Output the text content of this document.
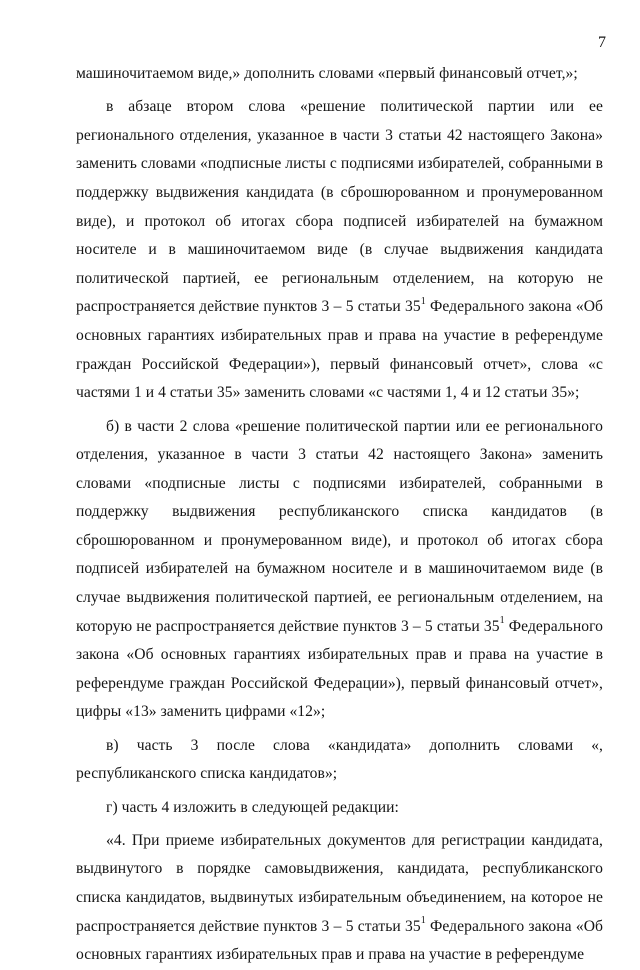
7

машиночитаемом виде,» дополнить словами «первый финансовый отчет,»;

в абзаце втором слова «решение политической партии или ее регионального отделения, указанное в части 3 статьи 42 настоящего Закона» заменить словами «подписные листы с подписями избирателей, собранными в поддержку выдвижения кандидата (в сброшюрованном и пронумерованном виде), и протокол об итогах сбора подписей избирателей на бумажном носителе и в машиночитаемом виде (в случае выдвижения кандидата политической партией, ее региональным отделением, на которую не распространяется действие пунктов 3 – 5 статьи $35^1$ Федерального закона «Об основных гарантиях избирательных прав и права на участие в референдуме граждан Российской Федерации»), первый финансовый отчет», слова «с частями 1 и 4 статьи 35» заменить словами «с частями 1, 4 и 12 статьи 35»;

б) в части 2 слова «решение политической партии или ее регионального отделения, указанное в части 3 статьи 42 настоящего Закона» заменить словами «подписные листы с подписями избирателей, собранными в поддержку выдвижения республиканского списка кандидатов (в сброшюрованном и пронумерованном виде), и протокол об итогах сбора подписей избирателей на бумажном носителе и в машиночитаемом виде (в случае выдвижения политической партией, ее региональным отделением, на которую не распространяется действие пунктов 3 – 5 статьи $35^1$ Федерального закона «Об основных гарантиях избирательных прав и права на участие в референдуме граждан Российской Федерации»), первый финансовый отчет», цифры «13» заменить цифрами «12»;

в) часть 3 после слова «кандидата» дополнить словами «, республиканского списка кандидатов»;

г) часть 4 изложить в следующей редакции:

«4. При приеме избирательных документов для регистрации кандидата, выдвинутого в порядке самовыдвижения, кандидата, республиканского списка кандидатов, выдвинутых избирательным объединением, на которое не распространяется действие пунктов 3 – 5 статьи $35^1$ Федерального закона «Об основных гарантиях избирательных прав и права на участие в референдуме
